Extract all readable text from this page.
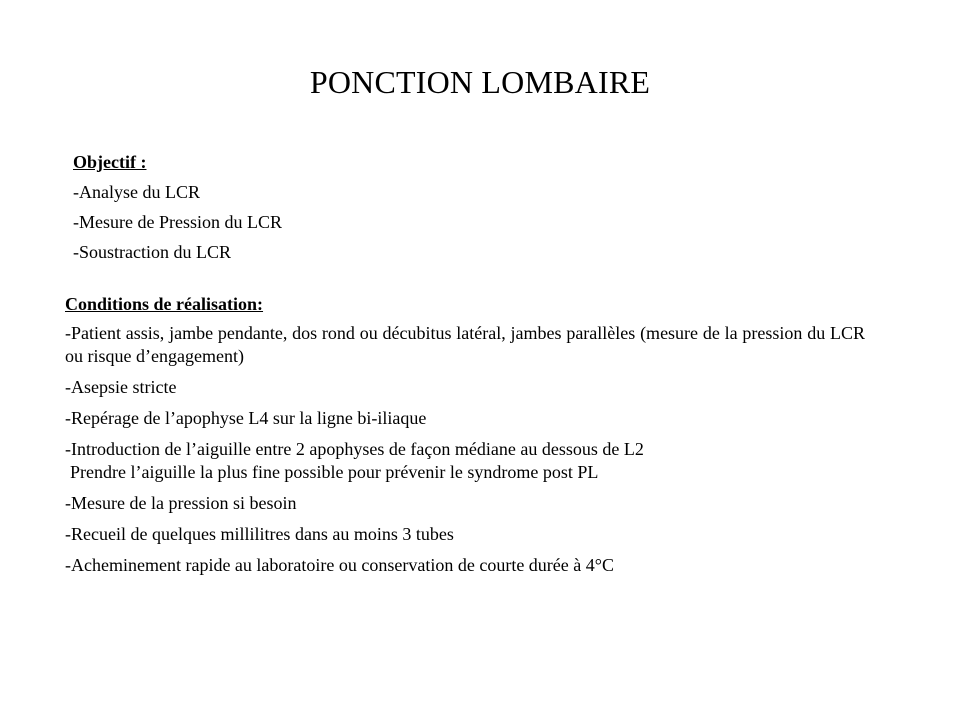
PONCTION LOMBAIRE
Objectif :
-Analyse du LCR
-Mesure de Pression du LCR
-Soustraction du LCR
Conditions de réalisation:
-Patient assis, jambe pendante, dos rond ou décubitus latéral, jambes parallèles (mesure de la pression du LCR ou risque d’engagement)
-Asepsie stricte
-Repérage de l’apophyse L4 sur la ligne bi-iliaque
-Introduction de l’aiguille entre 2 apophyses de façon médiane au dessous de L2
Prendre l’aiguille la plus fine possible pour prévenir le syndrome post PL
-Mesure de la pression si besoin
-Recueil de quelques millilitres dans au moins 3 tubes
-Acheminement rapide au laboratoire ou conservation de courte durée à 4°C
